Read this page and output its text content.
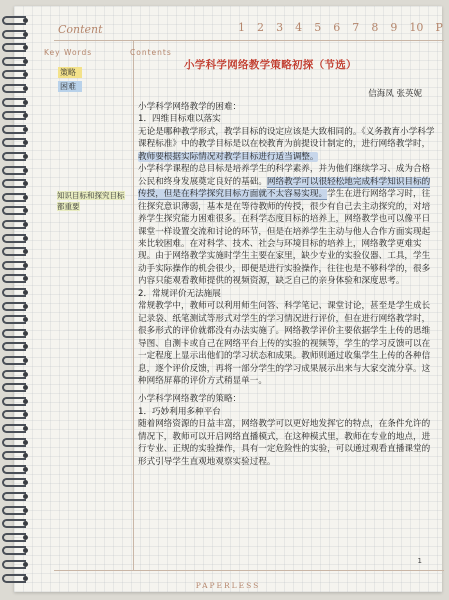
Content	1 2 3 4 5 6 7 8 9 10 P
Key Words	Contents
策略
困难
知识目标和探究目标都重要
小学科学网络教学策略初探（节选）
信海凤 张英妮

小学科学网络教学的困难：

1．四维目标难以落实

无论是哪种教学形式，教学目标的设定应该是大致相同的。《义务教育小学科学课程标准》中的教学目标是以在校教育为前提设计制定的，进行网络教学时，教师要根据实际情况对教学目标进行适当调整。

小学科学课程的总目标是培养学生的科学素养，并为他们继续学习、成为合格公民和终身发展奠定良好的基础。网络教学可以很轻松地完成科学知识目标的传授，但是在科学探究目标方面就不太容易实现。学生在进行网络学习时，往往探究意识薄弱，基本是在等待教师的传授，很少有自己去主动探究的，对培养学生探究能力困难很多。在科学态度目标的培养上，网络教学也可以像平日课堂一样设置交流和讨论的环节，但是在培养学生主动与他人合作方面实现起来比较困难。在对科学、技术、社会与环境目标的培养上，网络教学更难实现。由于网络教学实施时学生主要在家里，缺少专业的实验仪器、工具，学生动手实际操作的机会很少，即便是进行实验操作，往往也是不够科学的，很多内容只能观看教师提供的视频资源，缺乏自己的亲身体验和深度思考。

2．常规评价无法施展

常规教学中，教师可以利用师生问答、科学笔记、课堂讨论，甚至是学生成长记录袋、纸笔测试等形式对学生的学习情况进行评价，但在进行网络教学时，很多形式的评价就都没有办法实施了。网络教学评价主要依据学生上传的思维导图、自测卡或自己在网络平台上传的实验的视频等，学生的学习反馈可以在一定程度上显示出他们的学习状态和成果。教师则通过收集学生上传的各种信息，逐个评价反馈，再将一部分学生的学习成果展示出来与大家交流分享。这种网络屏幕的评价方式稍显单一。

小学科学网络教学的策略：

1．巧妙利用多种平台

随着网络资源的日益丰富，网络教学可以更好地发挥它的特点，在条件允许的情况下，教师可以开启网络直播模式，在这种模式里，教师在专业的地点，进行专业、正规的实验操作，具有一定危险性的实验，可以通过观看直播课堂的形式引导学生直观地观察实验过程。

1
PAPERLESS
